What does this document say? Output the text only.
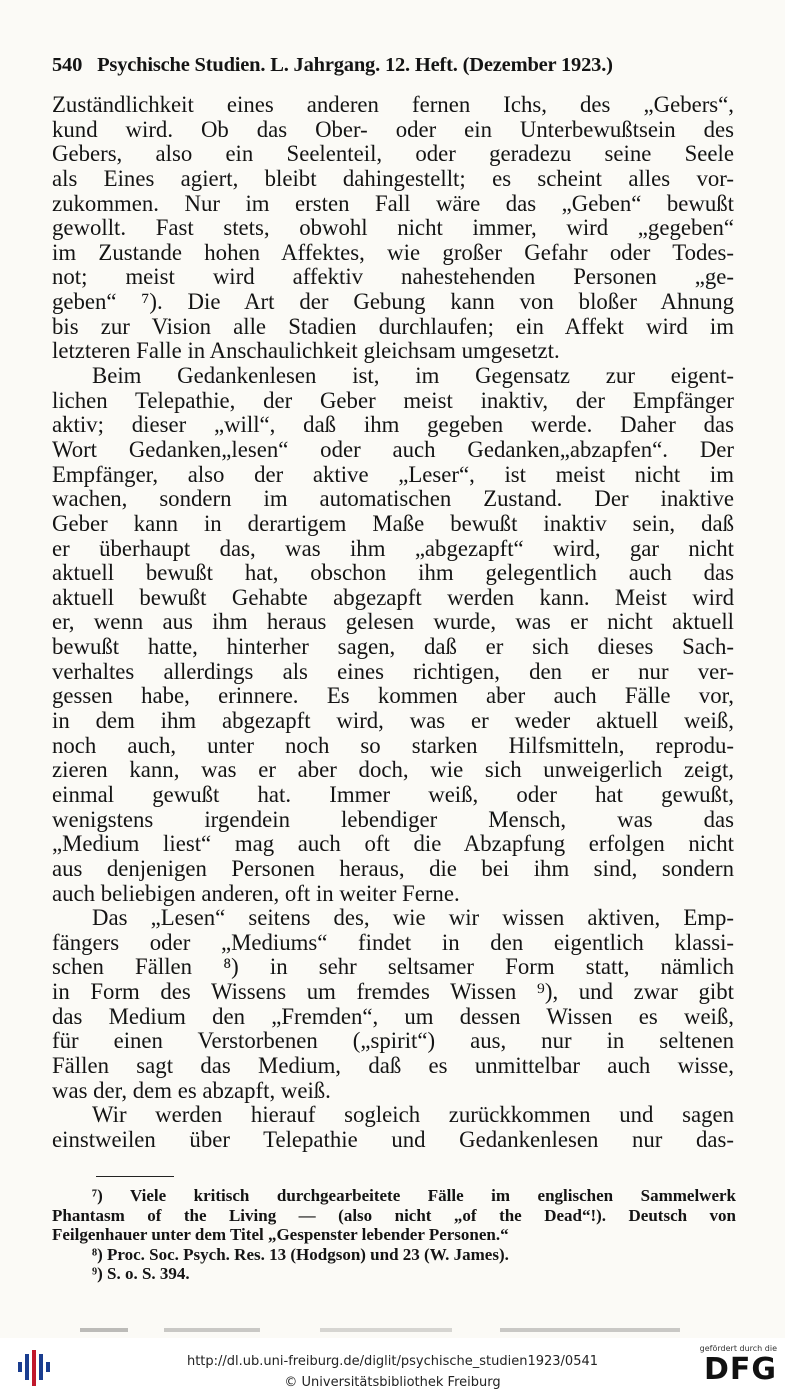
540 Psychische Studien. L. Jahrgang. 12. Heft. (Dezember 1923.)
Zuständlichkeit eines anderen fernen Ichs, des „Gebers“,
kund wird. Ob das Ober- oder ein Unterbewußtsein des
Gebers, also ein Seelenteil, oder geradezu seine Seele
als Eines agiert, bleibt dahingestellt; es scheint alles vor-
zukommen. Nur im ersten Fall wäre das „Geben“ bewußt
gewollt. Fast stets, obwohl nicht immer, wird „gegeben“
im Zustande hohen Affektes, wie großer Gefahr oder Todes-
not; meist wird affektiv nahestehenden Personen „ge-
geben“ ⁷). Die Art der Gebung kann von bloßer Ahnung
bis zur Vision alle Stadien durchlaufen; ein Affekt wird im
letzteren Falle in Anschaulichkeit gleichsam umgesetzt.
Beim Gedankenlesen ist, im Gegensatz zur eigent-
lichen Telepathie, der Geber meist inaktiv, der Empfänger
aktiv; dieser „will“, daß ihm gegeben werde. Daher das
Wort Gedanken„lesen“ oder auch Gedanken„abzapfen“. Der
Empfänger, also der aktive „Leser“, ist meist nicht im
wachen, sondern im automatischen Zustand. Der inaktive
Geber kann in derartigem Maße bewußt inaktiv sein, daß
er überhaupt das, was ihm „abgezapft“ wird, gar nicht
aktuell bewußt hat, obschon ihm gelegentlich auch das
aktuell bewußt Gehabte abgezapft werden kann. Meist wird
er, wenn aus ihm heraus gelesen wurde, was er nicht aktuell
bewußt hatte, hinterher sagen, daß er sich dieses Sach-
verhaltes allerdings als eines richtigen, den er nur ver-
gessen habe, erinnere. Es kommen aber auch Fälle vor,
in dem ihm abgezapft wird, was er weder aktuell weiß,
noch auch, unter noch so starken Hilfsmitteln, reprodu-
zieren kann, was er aber doch, wie sich unweigerlich zeigt,
einmal gewußt hat. Immer weiß, oder hat gewußt,
wenigstens irgendein lebendiger Mensch, was das
„Medium liest“ mag auch oft die Abzapfung erfolgen nicht
aus denjenigen Personen heraus, die bei ihm sind, sondern
auch beliebigen anderen, oft in weiter Ferne.
Das „Lesen“ seitens des, wie wir wissen aktiven, Emp-
fängers oder „Mediums“ findet in den eigentlich klassi-
schen Fällen ⁸) in sehr seltsamer Form statt, nämlich
in Form des Wissens um fremdes Wissen ⁹), und zwar gibt
das Medium den „Fremden“, um dessen Wissen es weiß,
für einen Verstorbenen („spirit“) aus, nur in seltenen
Fällen sagt das Medium, daß es unmittelbar auch wisse,
was der, dem es abzapft, weiß.
Wir werden hierauf sogleich zurückkommen und sagen
einstweilen über Telepathie und Gedankenlesen nur das-
⁷) Viele kritisch durchgearbeitete Fälle im englischen Sammelwerk
Phantasm of the Living — (also nicht „of the Dead“!). Deutsch von
Feilgenhauer unter dem Titel „Gespenster lebender Personen.“
⁸) Proc. Soc. Psych. Res. 13 (Hodgson) und 23 (W. James).
⁹) S. o. S. 394.
http://dl.ub.uni-freiburg.de/diglit/psychische_studien1923/0541
© Universitätsbibliothek Freiburg
gefördert durch die
DFG
